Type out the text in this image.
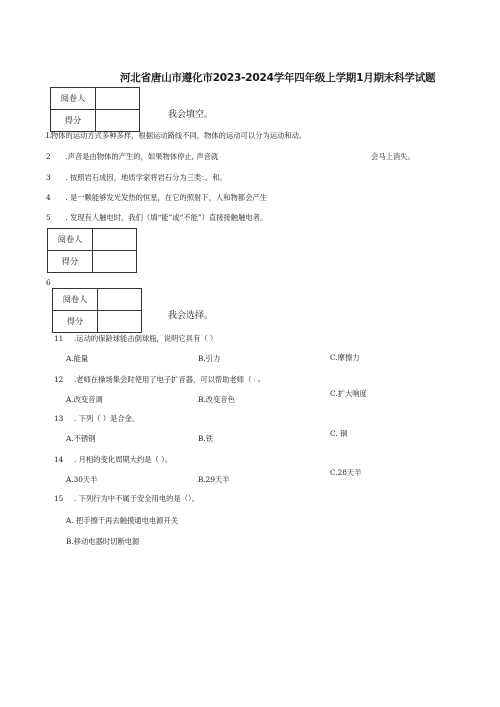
河北省唐山市遵化市2023-2024学年四年级上学期1月期末科学试题
阅卷人	
得分		我会填空。
L物体的运动方式多种多样，根据运动路线不同，物体的运动可以分为运动和动。
2 .声音是由物体的产生的，如果物体停止, 声音就	会马上消失。
3 . 按照岩石成因，地质学家将岩石分为三类：、和。
4 . 是一颗能够发光发热的恒星，在它的照射下，人和物都会产生
5 . 发现有人触电时，我们（填“能”或“不能”）直接接触触电者。
阅卷人	
得分	
6
阅卷人	
得分		我会选择。
11 .运动的保龄球能击倒球瓶，说明它具有（ ）
A.能量	B.引力	C.摩擦力
12 .老师在操场集会时使用了电子扩音器，可以帮助老师（ ）a
A.改变音调	B.改变音色
C.扩大响度
13 . 下列（ ）是合金。
A.不锈钢	B.铁
C. 铜
14 . 月相的变化周期大约是（ ）。
A.30天半	B.29天半
C.28天半
15 . 下列行为中不属于安全用电的是（）。
A. 把手擦干再去触摸通电电源开关
B.移动电器时切断电源
